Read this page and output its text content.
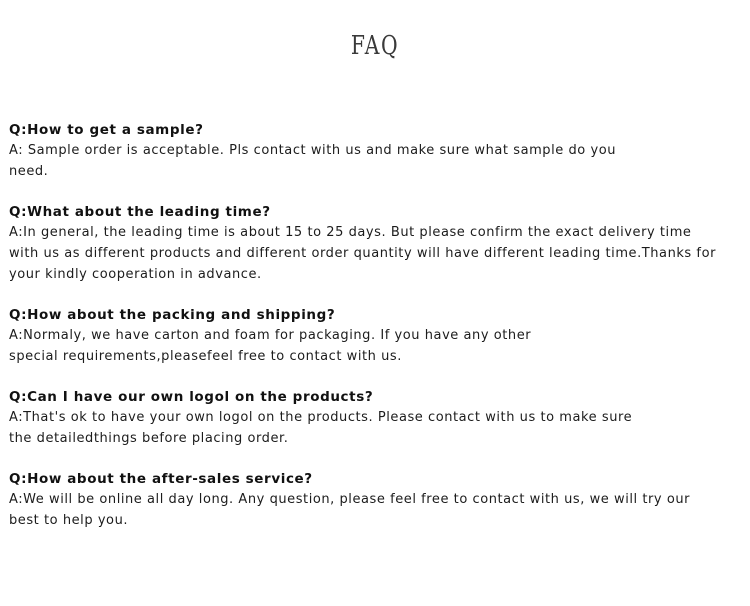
FAQ

Q:How to get a sample?

A: Sample order is acceptable. Pls contact with us and make sure what sample do you need.

Q:What about the leading time?

A:In general, the leading time is about 15 to 25 days. But please confirm the exact delivery time with us as different products and different order quantity will have different leading time.Thanks for your kindly cooperation in advance.

Q:How about the packing and shipping?

A:Normaly, we have carton and foam for packaging. If you have any other special requirements,pleasefeel free to contact with us.

Q:Can I have our own logol on the products?

A:That's ok to have your own logol on the products. Please contact with us to make sure the detailedthings before placing order.

Q:How about the after-sales service?

A:We will be online all day long. Any question, please feel free to contact with us, we will try our best to help you.
